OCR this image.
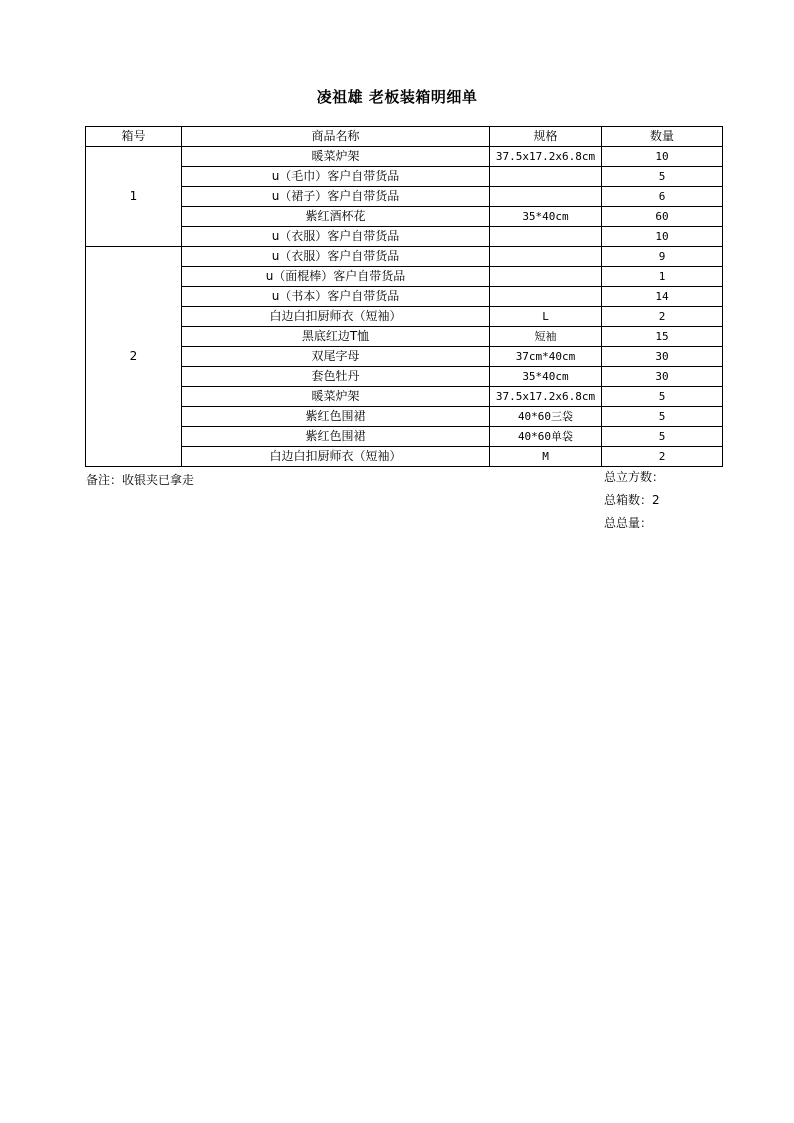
凌祖雄 老板装箱明细单
箱号	商品名称	规格	数量
1	暖菜炉架	37.5x17.2x6.8cm	10
	u（毛巾）客户自带货品		5
	u（裙子）客户自带货品		6
	紫红酒杯花	35*40cm	60
	u（衣服）客户自带货品		10
2	u（衣服）客户自带货品		9
	u（面棍棒）客户自带货品		1
	u（书本）客户自带货品		14
	白边白扣厨师衣（短袖）	L	2
	黑底红边T恤	短袖	15
	双尾字母	37cm*40cm	30
	套色牡丹	35*40cm	30
	暖菜炉架	37.5x17.2x6.8cm	5
	紫红色围裙	40*60三袋	5
	紫红色围裙	40*60单袋	5
	白边白扣厨师衣（短袖）	M	2
备注：收银夹已拿走	总立方数：
总箱数：2
总总量：
